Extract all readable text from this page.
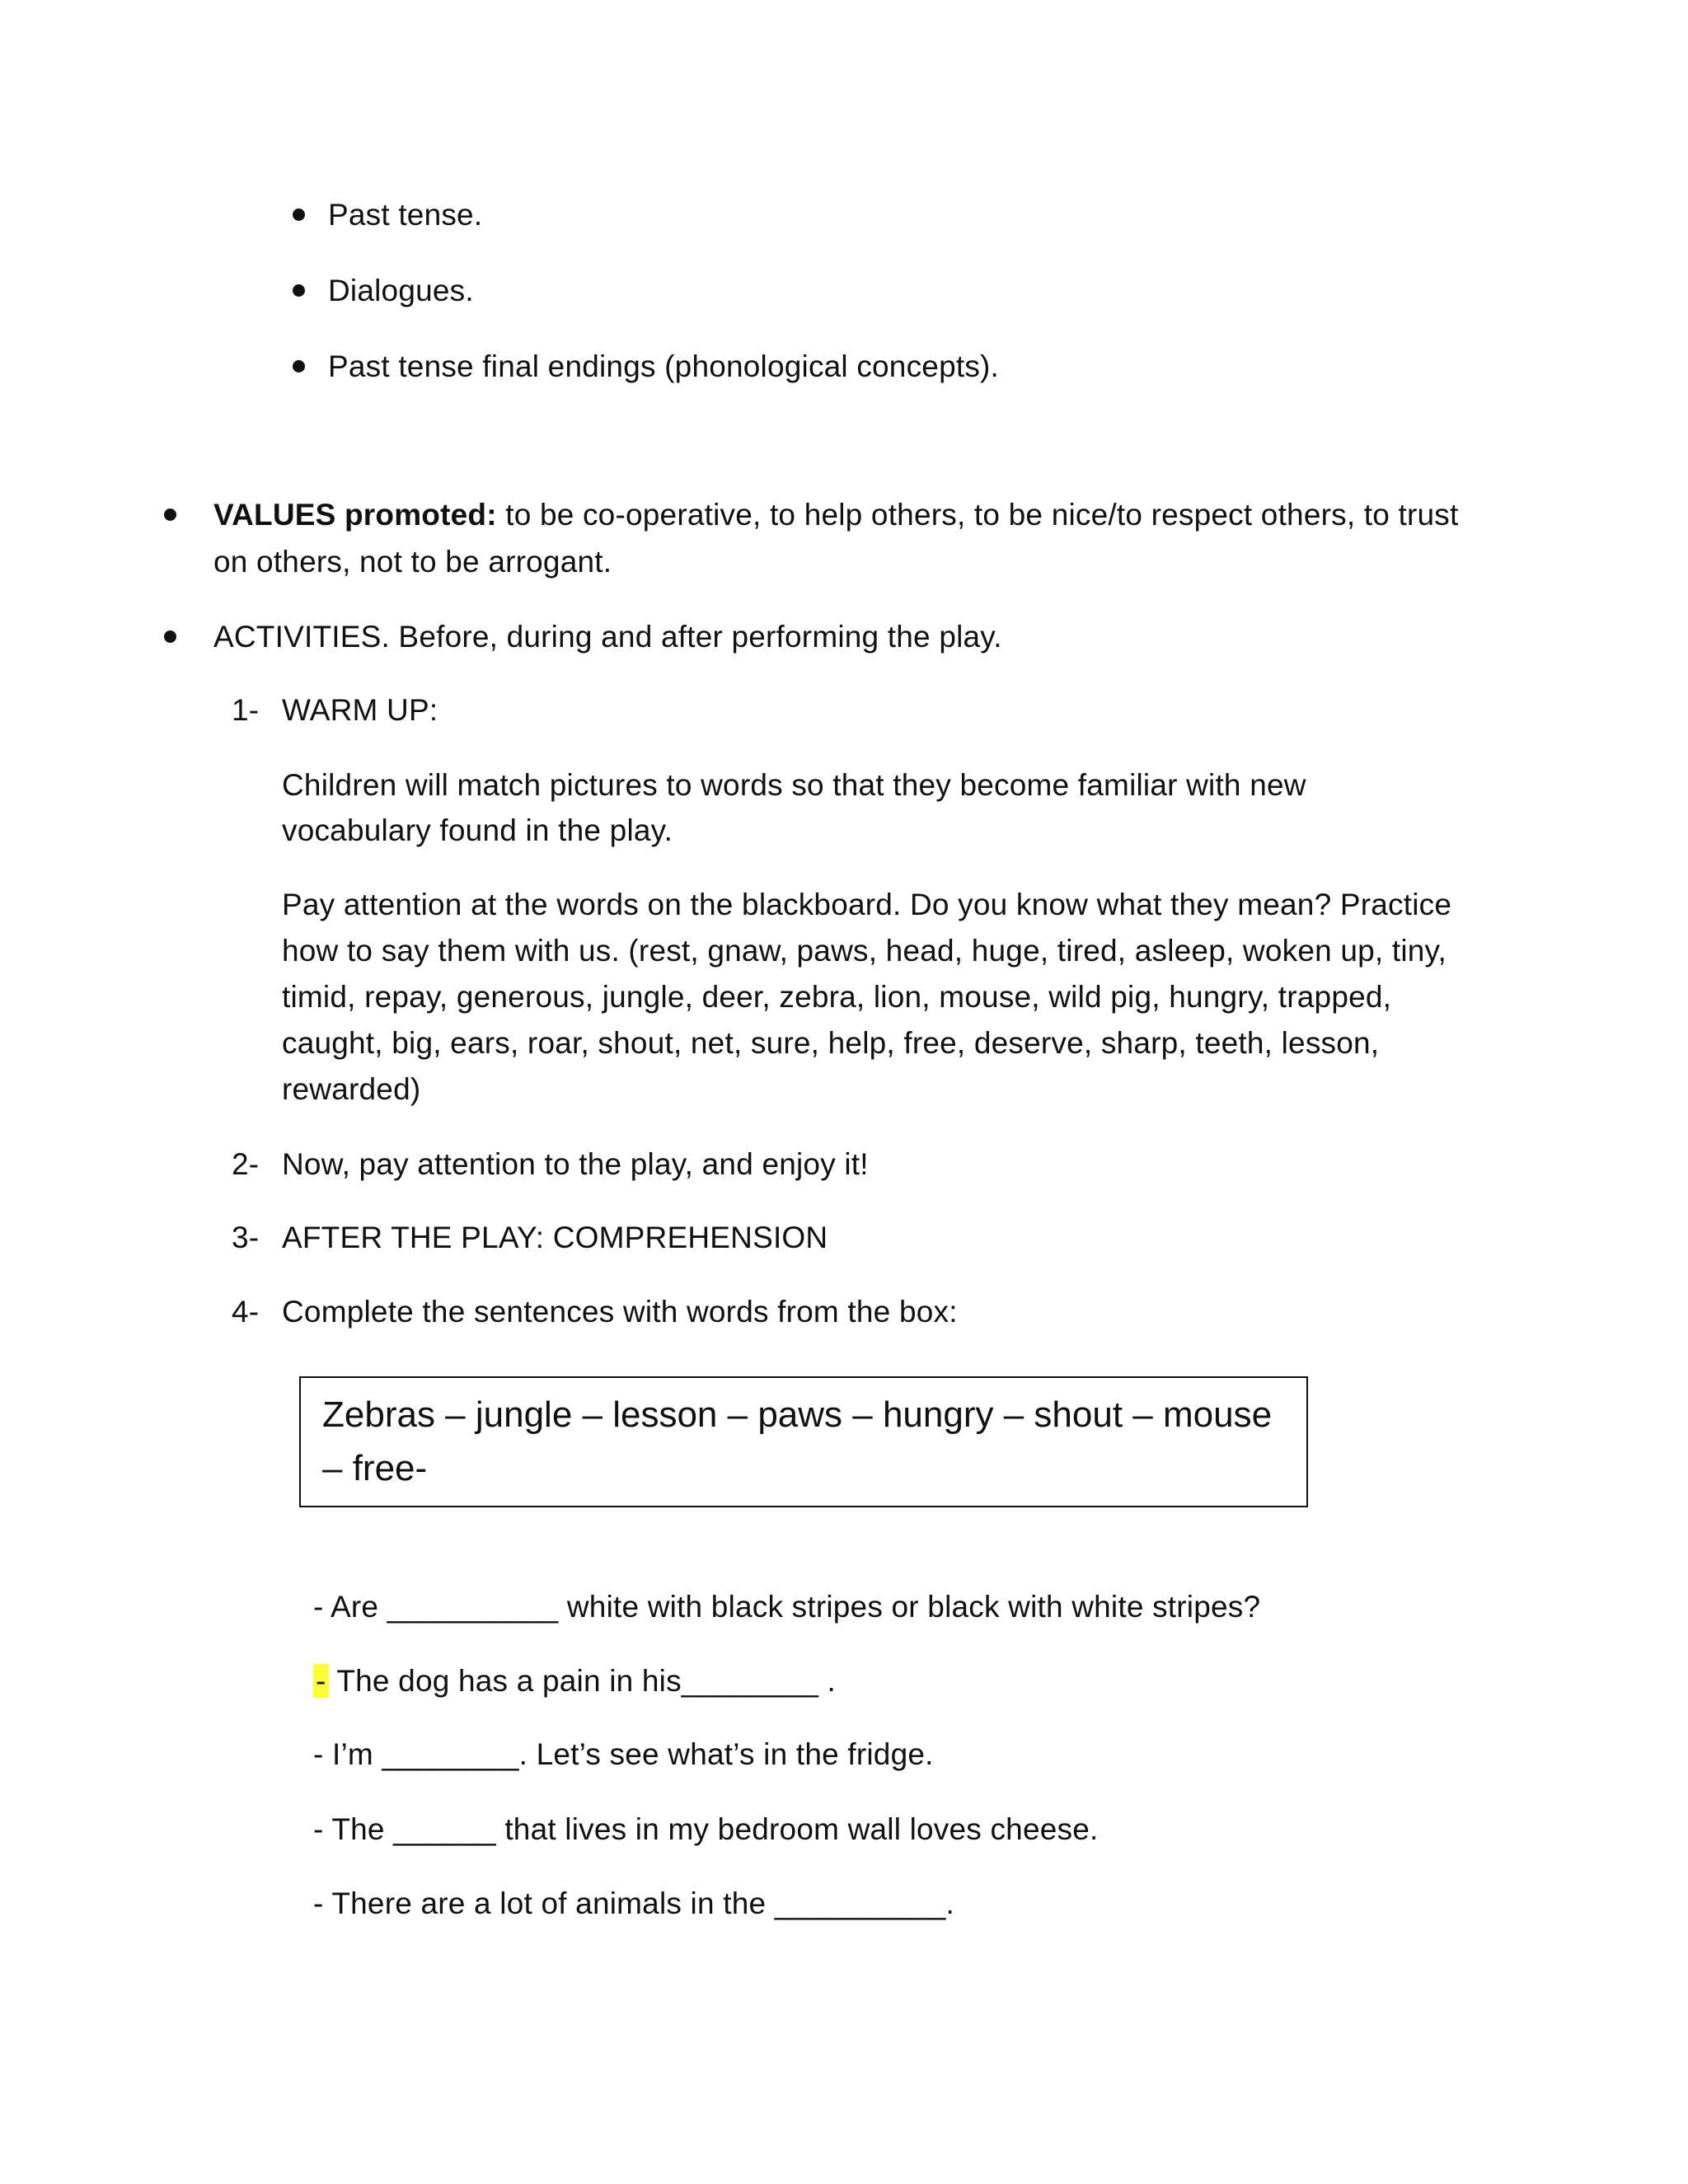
Past tense.
Dialogues.
Past tense final endings (phonological concepts).
VALUES promoted: to be co-operative, to help others, to be nice/to respect others, to trust
on others, not to be arrogant.
ACTIVITIES. Before, during and after performing the play.
1- WARM UP:
Children will match pictures to words so that they become familiar with new
vocabulary found in the play.
Pay attention at the words on the blackboard. Do you know what they mean? Practice
how to say them with us. (rest, gnaw, paws, head, huge, tired, asleep, woken up, tiny,
timid, repay, generous, jungle, deer, zebra, lion, mouse, wild pig, hungry, trapped,
caught, big, ears, roar, shout, net, sure, help, free, deserve, sharp, teeth, lesson,
rewarded)
2- Now, pay attention to the play, and enjoy it!
3- AFTER THE PLAY: COMPREHENSION
4- Complete the sentences with words from the box:
Zebras – jungle – lesson – paws – hungry – shout – mouse – free-
- Are __________ white with black stripes or black with white stripes?
- The dog has a pain in his________ .
- I’m ________. Let’s see what’s in the fridge.
- The ______ that lives in my bedroom wall loves cheese.
- There are a lot of animals in the __________.
